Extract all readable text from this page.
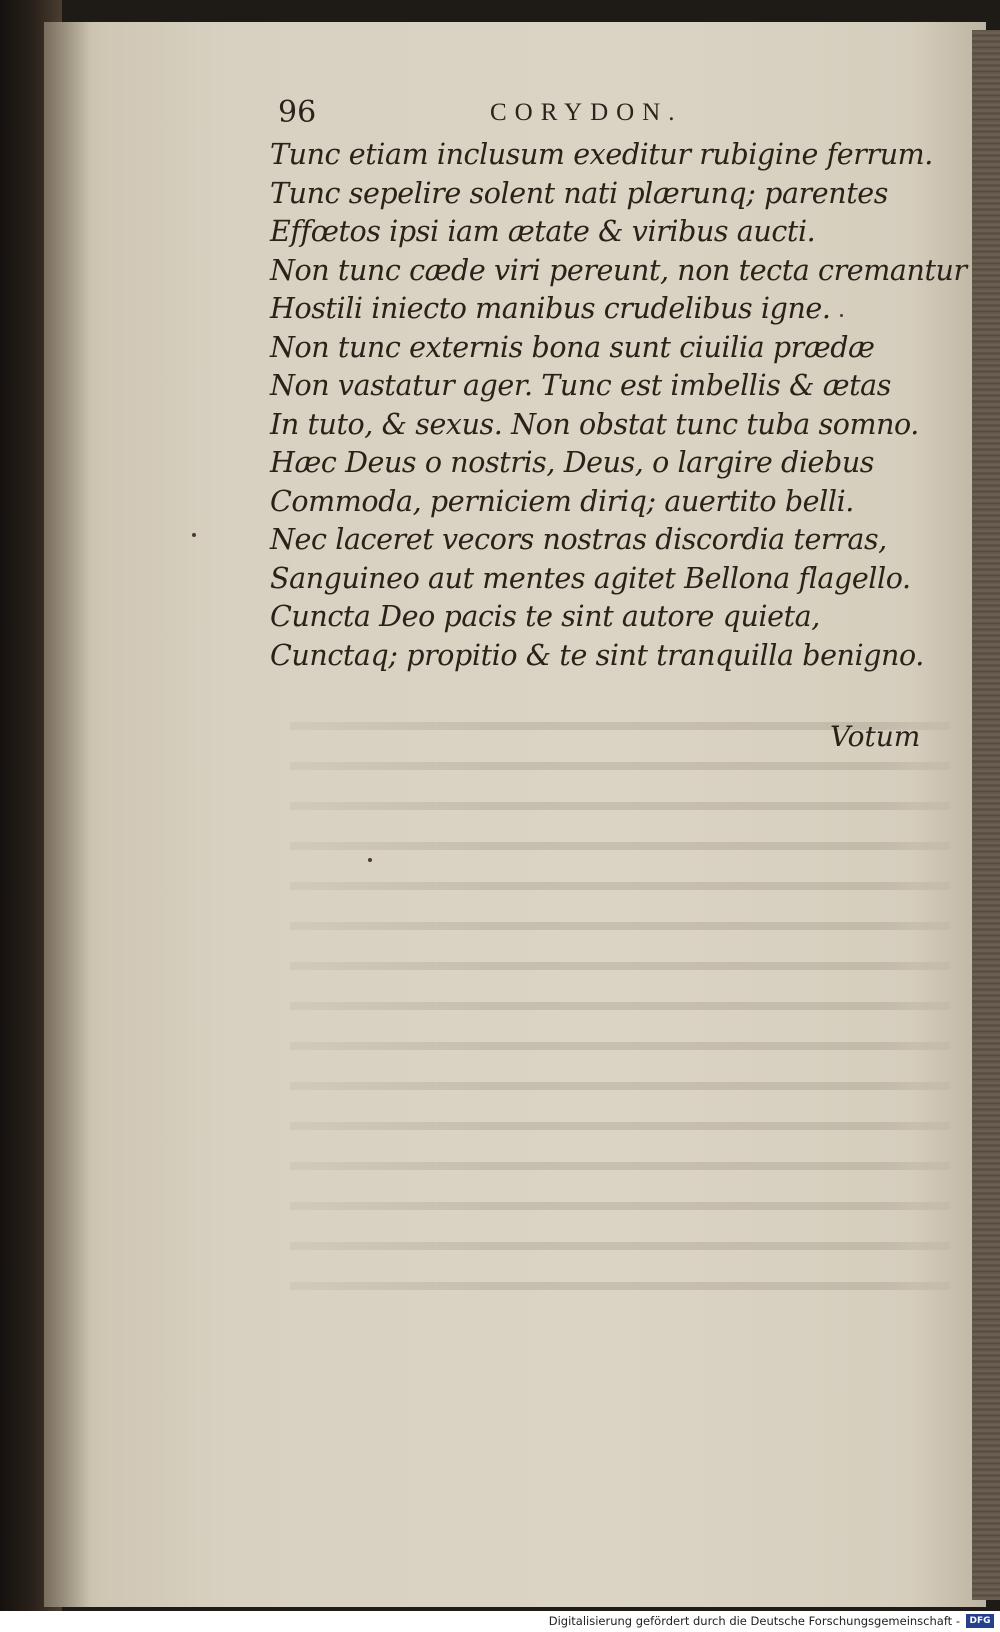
96	CORYDON.
Tunc etiam inclusum exeditur rubigine ferrum.
Tunc sepelire solent nati plærunq; parentes
Effœtos ipsi iam ætate & viribus aucti.
Non tunc cæde viri pereunt, non tecta cremantur
Hostili iniecto manibus crudelibus igne.
Non tunc externis bona sunt ciuilia prædæ
Non vastatur ager. Tunc est imbellis & ætas
In tuto, & sexus. Non obstat tunc tuba somno.
Hæc Deus o nostris, Deus, o largire diebus
Commoda, perniciem diriq; auertito belli.
Nec laceret vecors nostras discordia terras,
Sanguineo aut mentes agitet Bellona flagello.
Cuncta Deo pacis te sint autore quieta,
Cunctaq; propitio & te sint tranquilla benigno.
Votum
Digitalisierung gefördert durch die Deutsche Forschungsgemeinschaft -	DFG
